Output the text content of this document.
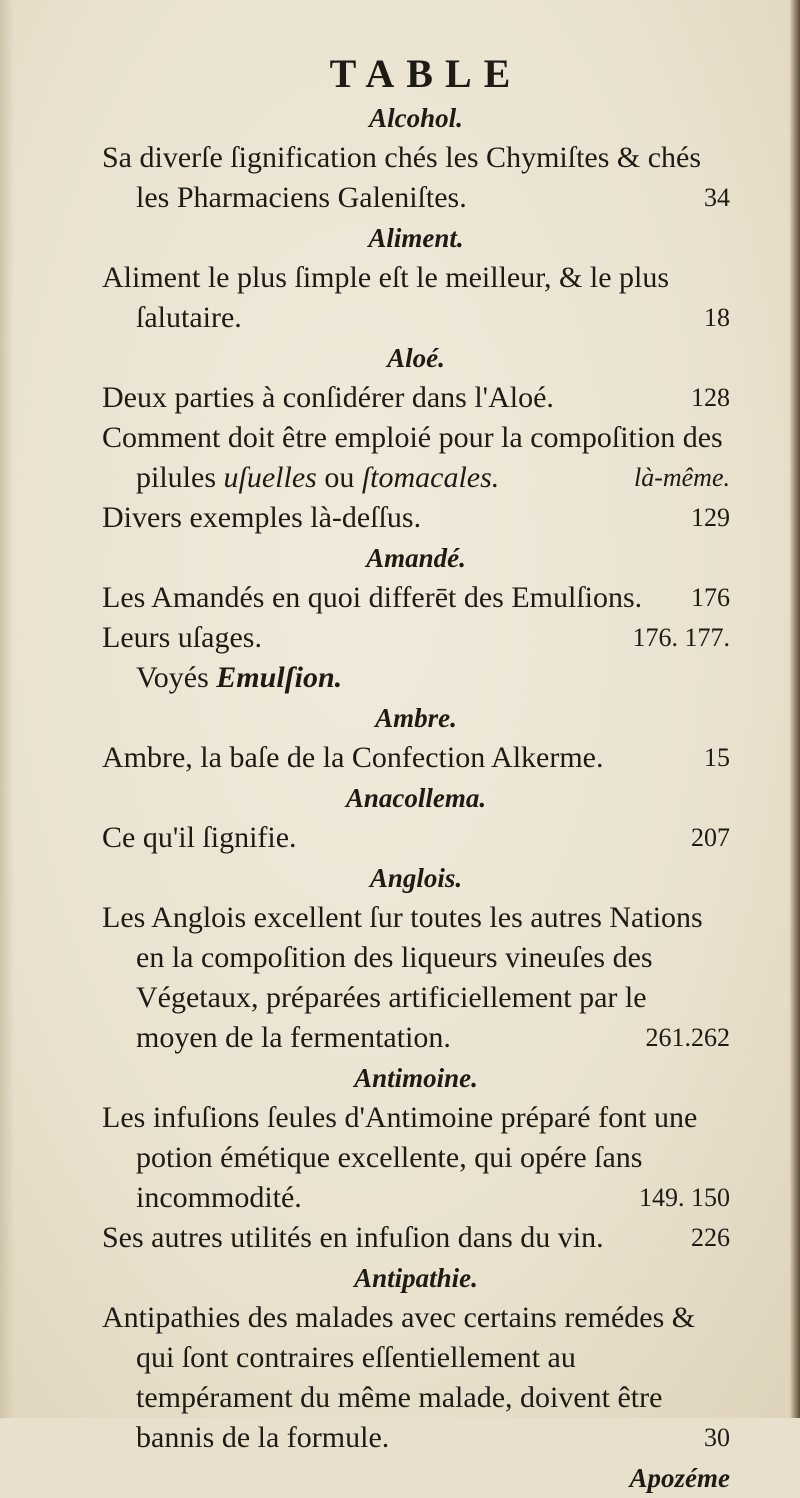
TABLE

Alcohol.

Sa diverſe ſignification chés les Chymiſtes & chés les Pharmaciens Galeniſtes.	34

Aliment.

Aliment le plus ſimple eſt le meilleur, & le plus ſalutaire.	18

Aloé.

Deux parties à conſidérer dans l'Aloé.	128

Comment doit être emploié pour la compoſition des pilules uſuelles ou ſtomacales.	là-même.

Divers exemples là-deſſus.	129

Amandé.

Les Amandés en quoi differēt des Emulſions. 176

Leurs uſages.	176. 177.

Voyés Emulſion.

Ambre.

Ambre, la baſe de la Confection Alkerme.	15

Anacollema.

Ce qu'il ſignifie.	207

Anglois.

Les Anglois excellent ſur toutes les autres Nations en la compoſition des liqueurs vineuſes des Végetaux, préparées artificiellement par le moyen de la fermentation.	261.262

Antimoine.

Les infuſions ſeules d'Antimoine préparé font une potion émétique excellente, qui opére ſans incommodité.	149. 150

Ses autres utilités en infuſion dans du vin.	226

Antipathie.

Antipathies des malades avec certains remédes & qui ſont contraires eſſentiellement au tempérament du même malade, doivent être bannis de la formule.	30

Apozéme
